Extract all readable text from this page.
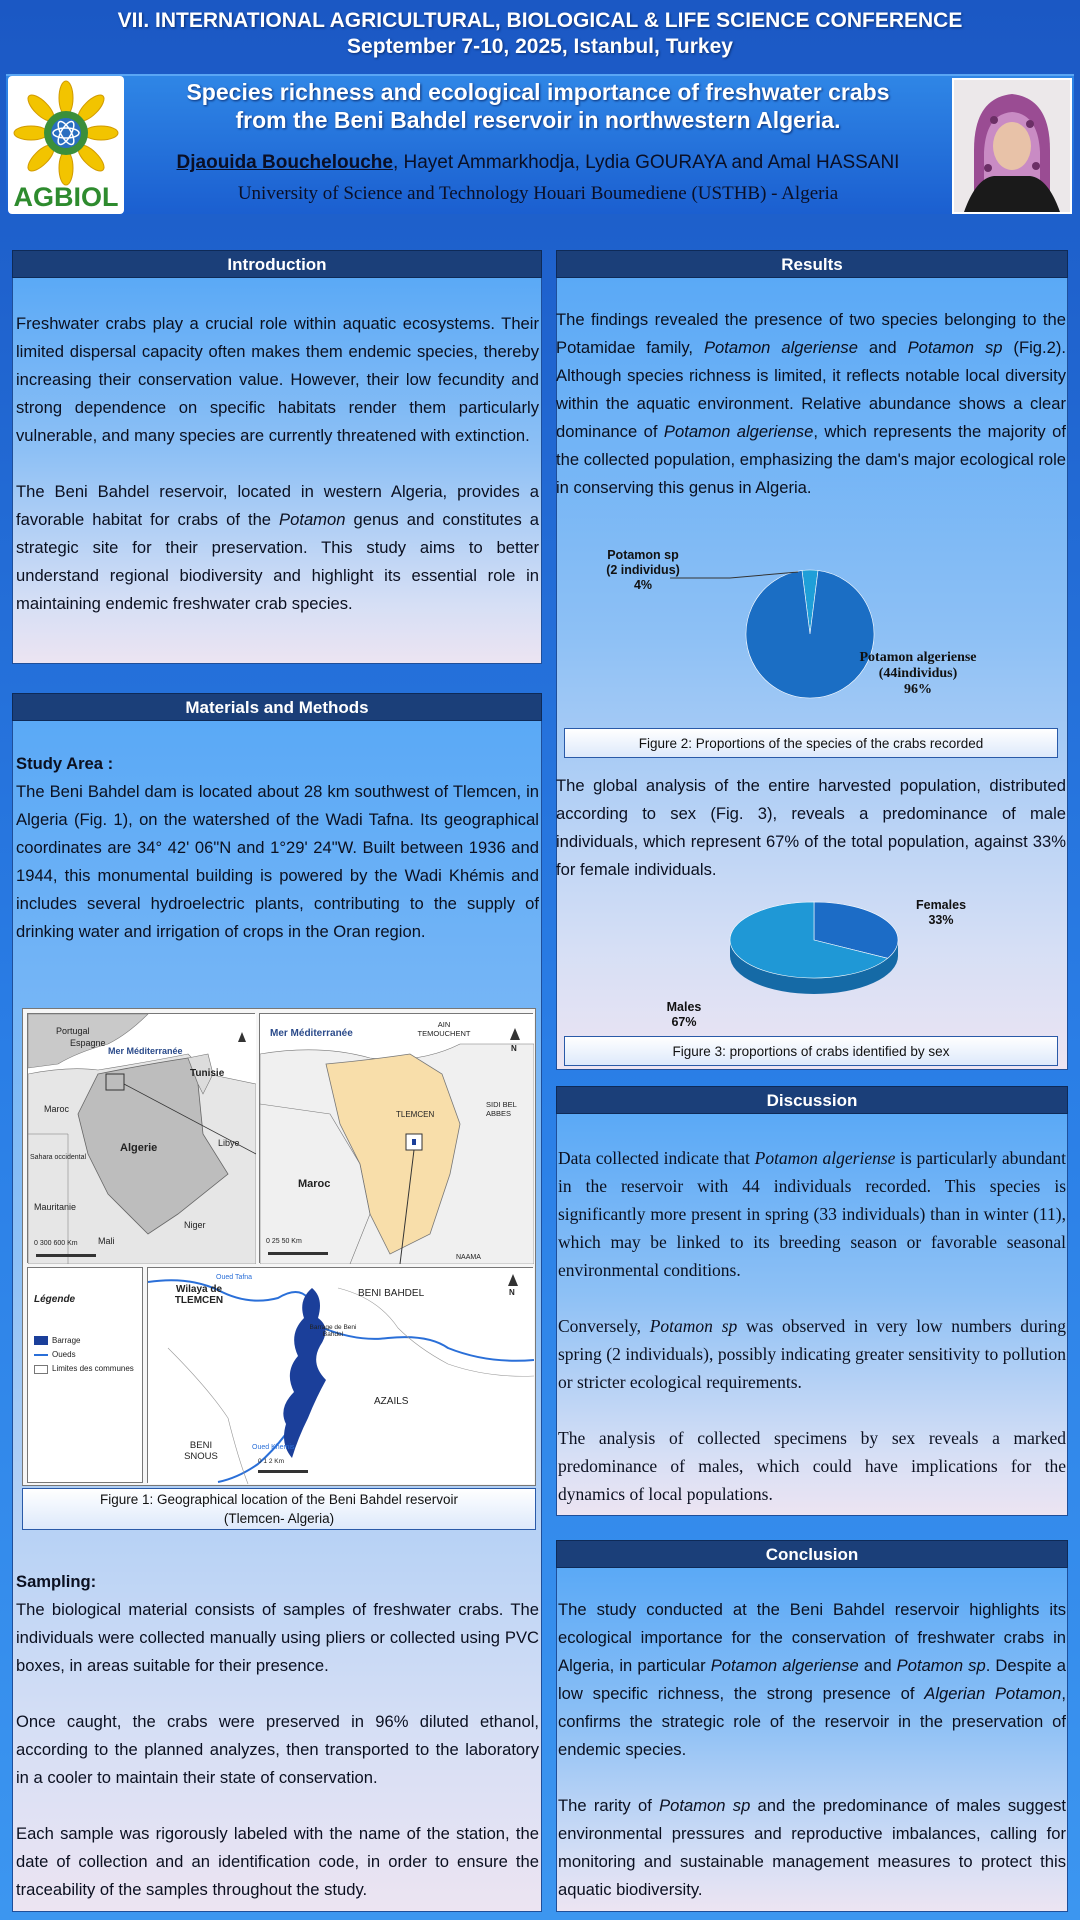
VII. INTERNATIONAL AGRICULTURAL, BIOLOGICAL & LIFE SCIENCE CONFERENCE
September 7-10, 2025, Istanbul, Turkey
AGBIOL
Species richness and ecological importance of freshwater crabs
from the Beni Bahdel reservoir in northwestern Algeria.
Djaouida Bouchelouche, Hayet Ammarkhodja, Lydia GOURAYA and Amal HASSANI
University of Science and Technology Houari Boumediene (USTHB) - Algeria
Introduction

Freshwater crabs play a crucial role within aquatic ecosystems. Their limited dispersal capacity often makes them endemic species, thereby increasing their conservation value. However, their low fecundity and strong dependence on specific habitats render them particularly vulnerable, and many species are currently threatened with extinction.

The Beni Bahdel reservoir, located in western Algeria, provides a favorable habitat for crabs of the Potamon genus and constitutes a strategic site for their preservation. This study aims to better understand regional biodiversity and highlight its essential role in maintaining endemic freshwater crab species.

Materials and Methods
Study Area :

The Beni Bahdel dam is located about 28 km southwest of Tlemcen, in Algeria (Fig. 1), on the watershed of the Wadi Tafna. Its geographical coordinates are 34° 42' 06"N and 1°29' 24"W. Built between 1936 and 1944, this monumental building is powered by the Wadi Khémis and includes several hydroelectric plants, contributing to the supply of drinking water and irrigation of crops in the Oran region.

Portugal
Espagne
Mer Méditerranée
Tunisie
Maroc
Algerie	Libye
Sahara occidental
Mauritanie
Mali
Niger
0 300 600 Km
Mer Méditerranée
AIN TEMOUCHENT
SIDI BEL ABBES
TLEMCEN
Maroc
NAAMA
0 25 50 Km
N
Légende
Barrage
Oueds
Limites des communes
Wilaya de TLEMCEN
BENI BAHDEL
Barrage de Beni Bahdel
AZAILS
BENI SNOUS
Oued Tafna
Oued Khemis
0 1 2 Km
N
Figure 1: Geographical location of the Beni Bahdel reservoir
(Tlemcen- Algeria)
Sampling:

The biological material consists of samples of freshwater crabs. The individuals were collected manually using pliers or collected using PVC boxes, in areas suitable for their presence.

Once caught, the crabs were preserved in 96% diluted ethanol, according to the planned analyzes, then transported to the laboratory in a cooler to maintain their state of conservation.

Each sample was rigorously labeled with the name of the station, the date of collection and an identification code, in order to ensure the traceability of the samples throughout the study.

Results
The findings revealed the presence of two species belonging to the Potamidae family, Potamon algeriense and Potamon sp (Fig.2). Although species richness is limited, it reflects notable local diversity within the aquatic environment. Relative abundance shows a clear dominance of Potamon algeriense, which represents the majority of the collected population, emphasizing the dam's major ecological role in conserving this genus in Algeria.
Potamon sp
(2 individus)
4%
Potamon algeriense
(44individus)
96%
Figure 2: Proportions of the species of the crabs recorded
The global analysis of the entire harvested population, distributed according to sex (Fig. 3), reveals a predominance of male individuals, which represent 67% of the total population, against 33% for female individuals.
Females
33%
Males
67%
Figure 3: proportions of crabs identified by sex
Discussion

Data collected indicate that Potamon algeriense is particularly abundant in the reservoir with 44 individuals recorded. This species is significantly more present in spring (33 individuals) than in winter (11), which may be linked to its breeding season or favorable seasonal environmental conditions.

Conversely, Potamon sp was observed in very low numbers during spring (2 individuals), possibly indicating greater sensitivity to pollution or stricter ecological requirements.

The analysis of collected specimens by sex reveals a marked predominance of males, which could have implications for the dynamics of local populations.

Conclusion

The study conducted at the Beni Bahdel reservoir highlights its ecological importance for the conservation of freshwater crabs in Algeria, in particular Potamon algeriense and Potamon sp. Despite a low specific richness, the strong presence of Algerian Potamon, confirms the strategic role of the reservoir in the preservation of endemic species.

The rarity of Potamon sp and the predominance of males suggest environmental pressures and reproductive imbalances, calling for monitoring and sustainable management measures to protect this aquatic biodiversity.
